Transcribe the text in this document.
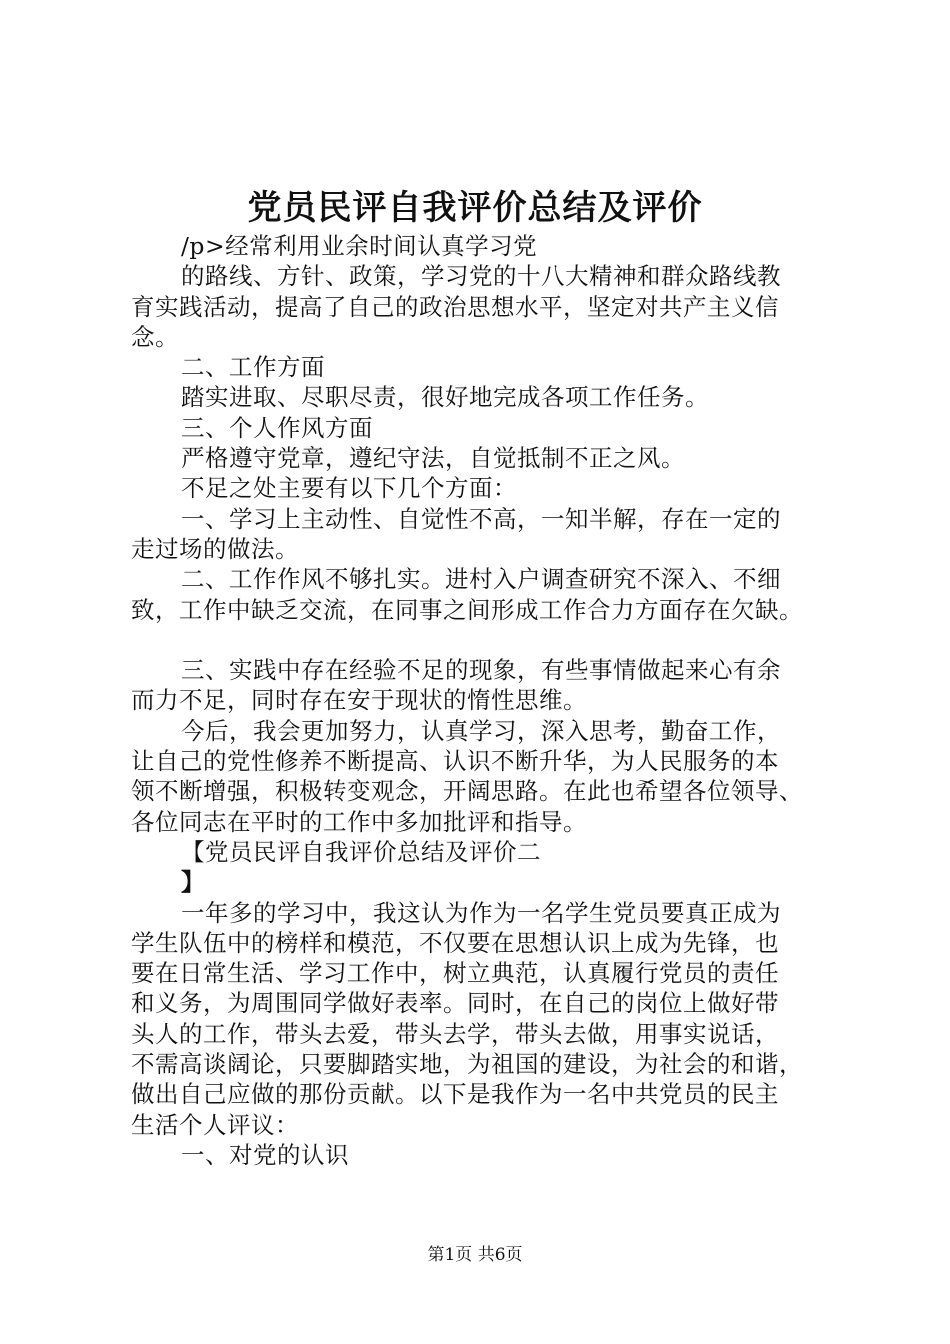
党员民评自我评价总结及评价
/p>经常利用业余时间认真学习党
的路线、方针、政策，学习党的十八大精神和群众路线教
育实践活动，提高了自己的政治思想水平，坚定对共产主义信
念。
二、工作方面
踏实进取、尽职尽责，很好地完成各项工作任务。
三、个人作风方面
严格遵守党章，遵纪守法，自觉抵制不正之风。
不足之处主要有以下几个方面：
一、学习上主动性、自觉性不高，一知半解，存在一定的
走过场的做法。
二、工作作风不够扎实。进村入户调查研究不深入、不细
致，工作中缺乏交流，在同事之间形成工作合力方面存在欠缺。
三、实践中存在经验不足的现象，有些事情做起来心有余
而力不足，同时存在安于现状的惰性思维。
今后，我会更加努力，认真学习，深入思考，勤奋工作，
让自己的党性修养不断提高、认识不断升华，为人民服务的本
领不断增强，积极转变观念，开阔思路。在此也希望各位领导、
各位同志在平时的工作中多加批评和指导。
【党员民评自我评价总结及评价二
】
一年多的学习中，我这认为作为一名学生党员要真正成为
学生队伍中的榜样和模范，不仅要在思想认识上成为先锋，也
要在日常生活、学习工作中，树立典范，认真履行党员的责任
和义务，为周围同学做好表率。同时，在自己的岗位上做好带
头人的工作，带头去爱，带头去学，带头去做，用事实说话，
不需高谈阔论，只要脚踏实地，为祖国的建设，为社会的和谐，
做出自己应做的那份贡献。以下是我作为一名中共党员的民主
生活个人评议：
一、对党的认识
第1页 共6页
